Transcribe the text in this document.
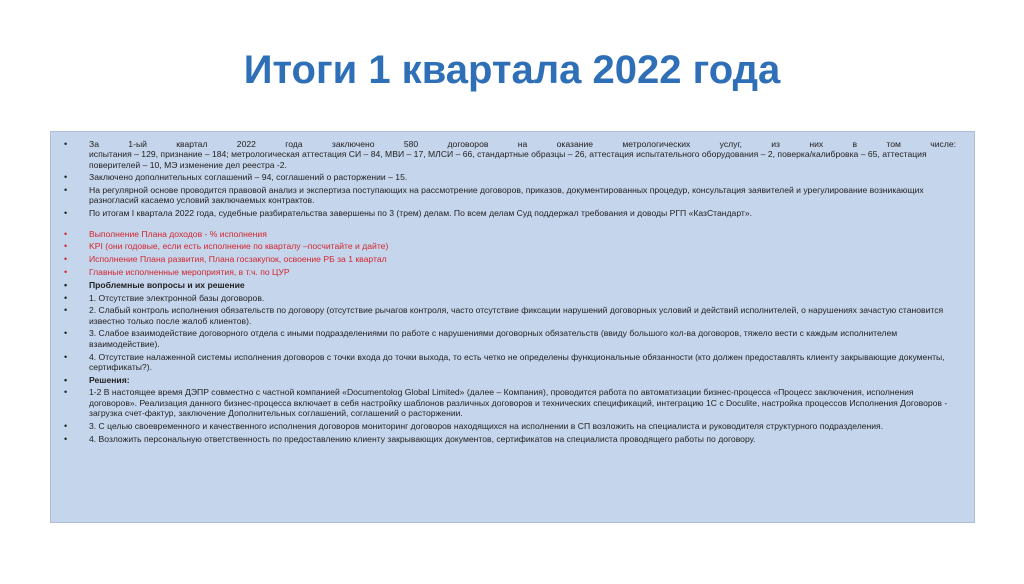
Итоги 1 квартала 2022 года
• За 1-ый квартал 2022 года заключено 580 договоров на оказание метрологических услуг, из них в том числе:
испытания – 129, признание – 184; метрологическая аттестация СИ – 84, МВИ – 17, МЛСИ – 66, стандартные образцы – 26, аттестация испытательного оборудования – 2, поверка/калибровка – 65, аттестация поверителей – 10, МЭ изменение дел реестра -2.
• Заключено дополнительных соглашений – 94, соглашений о расторжении – 15.
• На регулярной основе проводится правовой анализ и экспертиза поступающих на рассмотрение договоров, приказов, документированных процедур, консультация заявителей и урегулирование возникающих разногласий касаемо условий заключаемых контрактов.
• По итогам I квартала 2022 года, судебные разбирательства завершены по 3 (трем) делам. По всем делам Суд поддержал требования и доводы РГП «КазСтандарт».
• Выполнение Плана доходов - % исполнения
• KPI (они годовые, если есть исполнение по кварталу –посчитайте и дайте)
• Исполнение Плана развития, Плана госзакупок, освоение РБ за 1 квартал
• Главные исполненные мероприятия, в т.ч. по ЦУР
• Проблемные вопросы и их решение
• 1. Отсутствие электронной базы договоров.
• 2. Слабый контроль исполнения обязательств по договору (отсутствие рычагов контроля, часто отсутствие фиксации нарушений договорных условий и действий исполнителей, о нарушениях зачастую становится известно только после жалоб клиентов).
• 3. Слабое взаимодействие договорного отдела с иными подразделениями по работе с нарушениями договорных обязательств (ввиду большого кол-ва договоров, тяжело вести с каждым исполнителем взаимодействие).
• 4. Отсутствие налаженной системы исполнения договоров с точки входа до точки выхода, то есть четко не определены функциональные обязанности (кто должен предоставлять клиенту закрывающие документы, сертификаты?).
• Решения:
• 1-2 В настоящее время ДЭПР совместно с частной компанией «Documentolog Global Limited» (далее – Компания), проводится работа по автоматизации бизнес-процесса «Процесс заключения, исполнения договоров». Реализация данного бизнес-процесса включает в себя настройку шаблонов различных договоров и технических спецификаций, интеграцию 1С с Doculite, настройка процессов Исполнения Договоров - загрузка счет-фактур, заключение Дополнительных соглашений, соглашений о расторжении.
• 3. С целью своевременного и качественного исполнения договоров мониторинг договоров находящихся на исполнении в СП возложить на специалиста и руководителя структурного подразделения.
• 4. Возложить персональную ответственность по предоставлению клиенту закрывающих документов, сертификатов на специалиста проводящего работы по договору.
